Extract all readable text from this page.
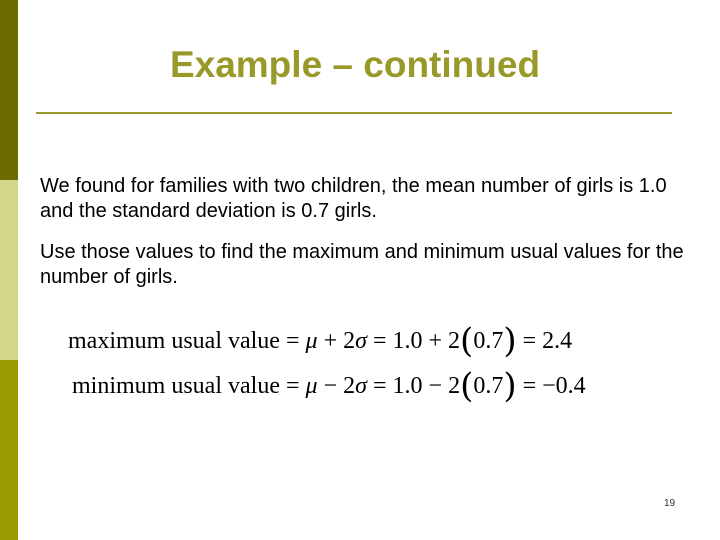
Example – continued

We found for families with two children, the mean number of girls is 1.0 and the standard deviation is 0.7 girls.

Use those values to find the maximum and minimum usual values for the number of girls.

maximum usual value = μ + 2σ = 1.0 + 2(0.7) = 2.4
minimum usual value = μ − 2σ = 1.0 − 2(0.7) = −0.4
19
